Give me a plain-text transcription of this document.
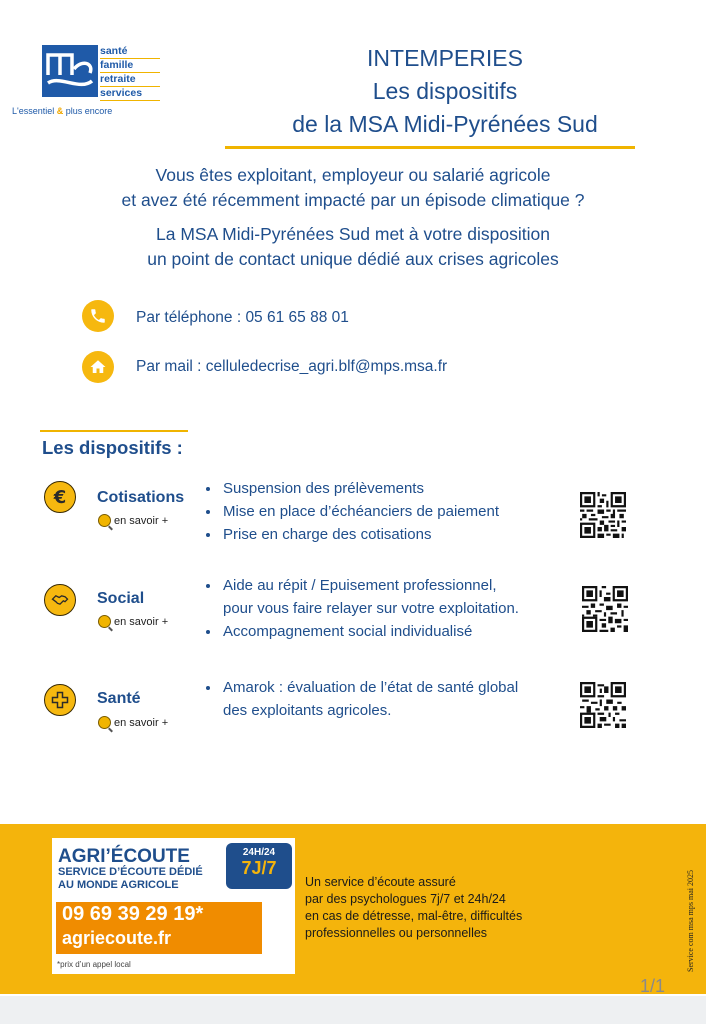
santé
famille
retraite
services
L'essentiel & plus encore
INTEMPERIES
Les dispositifs
de la MSA Midi-Pyrénées Sud
Vous êtes exploitant, employeur ou salarié agricole
et avez été récemment impacté par un épisode climatique ?
La MSA Midi-Pyrénées Sud met à votre disposition
un point de contact unique dédié aux crises agricoles
Par téléphone : 05 61 65 88 01
Par mail : celluledecrise_agri.blf@mps.msa.fr
Les dispositifs :
€	Cotisations
en savoir +
• Suspension des prélèvements
• Mise en place d’échéanciers de paiement
• Prise en charge des cotisations
Social
en savoir +
• Aide au répit / Epuisement professionnel,
pour vous faire relayer sur votre exploitation.
• Accompagnement social individualisé
Santé
en savoir +
• Amarok : évaluation de l’état de santé global
des exploitants agricoles.
AGRI’ÉCOUTE
SERVICE D’ÉCOUTE DÉDIÉ
AU MONDE AGRICOLE
24H/24
7J/7
09 69 39 29 19*
agriecoute.fr
*prix d’un appel local
Un service d’écoute assuré
par des psychologues 7j/7 et 24h/24
en cas de détresse, mal-être, difficultés
professionnelles ou personnelles	Service com msa mps mai 2025
1/1
